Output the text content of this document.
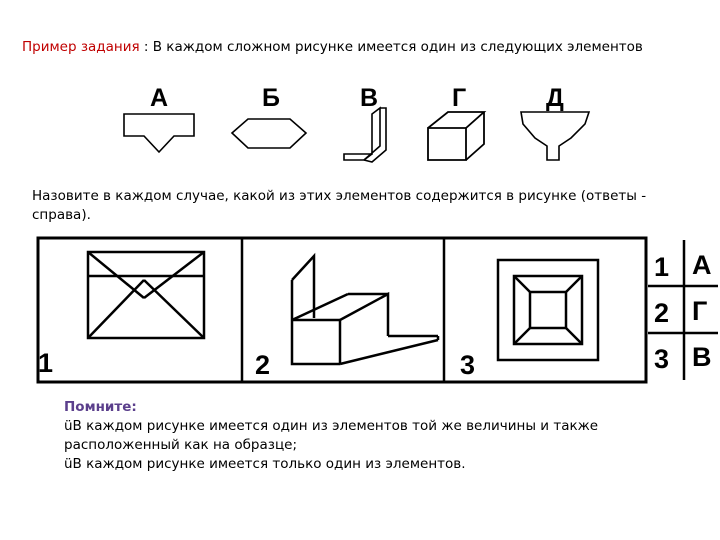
Пример задания : В каждом сложном рисунке имеется один из следующих элементов
А	Б	В	Г	Д
Назовите в каждом случае, какой из этих элементов содержится в рисунке (ответы - справа).
1	2	3
1 А
2 Г
3 В
Помните:
üВ каждом рисунке имеется один из элементов той же величины и также расположенный как на образце;
üВ каждом рисунке имеется только один из элементов.
